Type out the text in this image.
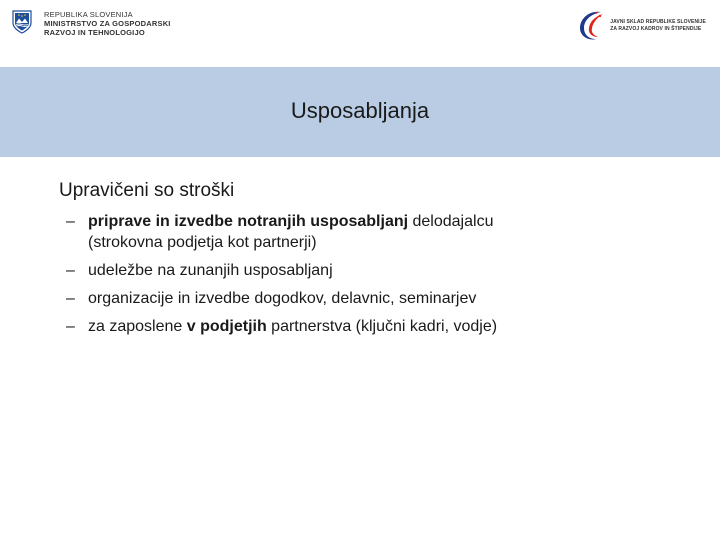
REPUBLIKA SLOVENIJA
MINISTRSTVO ZA GOSPODARSKI
RAZVOJ IN TEHNOLOGIJO
JAVNI SKLAD REPUBLIKE SLOVENIJE
ZA RAZVOJ KADROV IN ŠTIPENDIJE
Usposabljanja

Upravičeni so stroški

– priprave in izvedbe notranjih usposabljanj delodajalcu
(strokovna podjetja kot partnerji)
– udeležbe na zunanjih usposabljanj
– organizacije in izvedbe dogodkov, delavnic, seminarjev
– za zaposlene v podjetjih partnerstva (ključni kadri, vodje)
